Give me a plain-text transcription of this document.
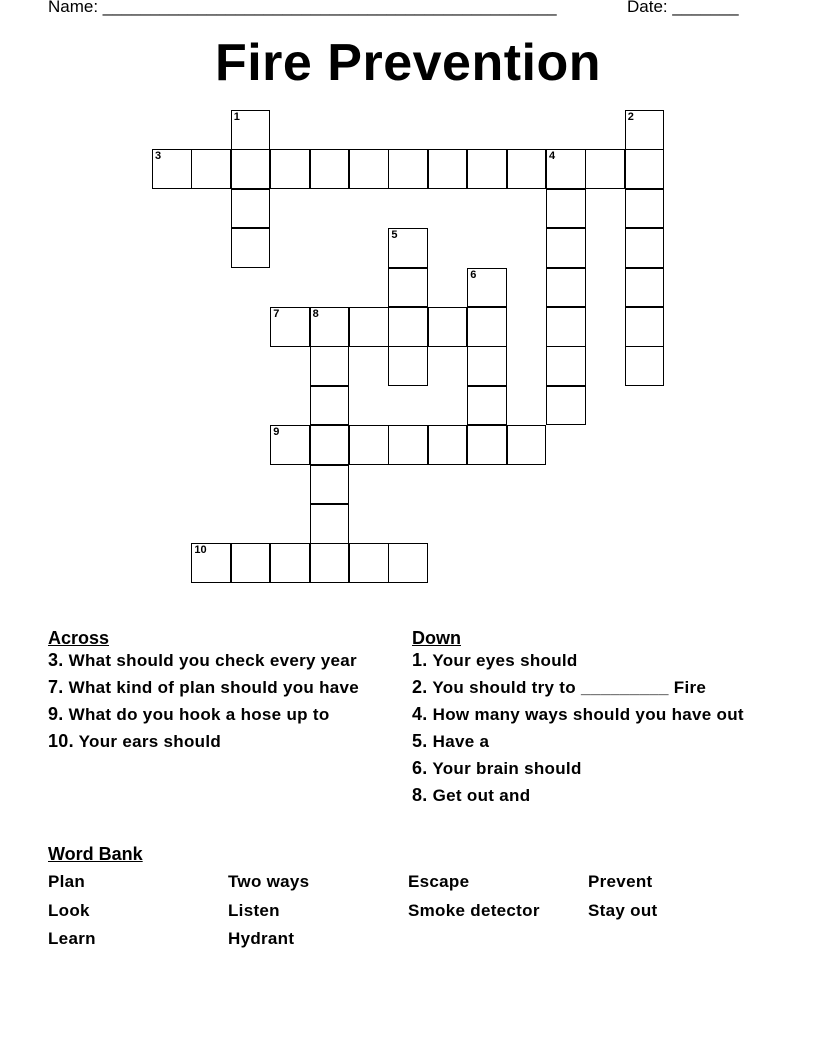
Name: ________________________________________________	Date: _______
Fire Prevention
1	2
3	4
5
6
7	8
9
10
Across
3. What should you check every year
7. What kind of plan should you have
9. What do you hook a hose up to
10. Your ears should
Down
1. Your eyes should
2. You should try to _________ Fire
4. How many ways should you have out
5. Have a
6. Your brain should
8. Get out and
Word Bank
Plan	Two ways	Escape	Prevent
Look	Listen	Smoke detector	Stay out
Learn	Hydrant
